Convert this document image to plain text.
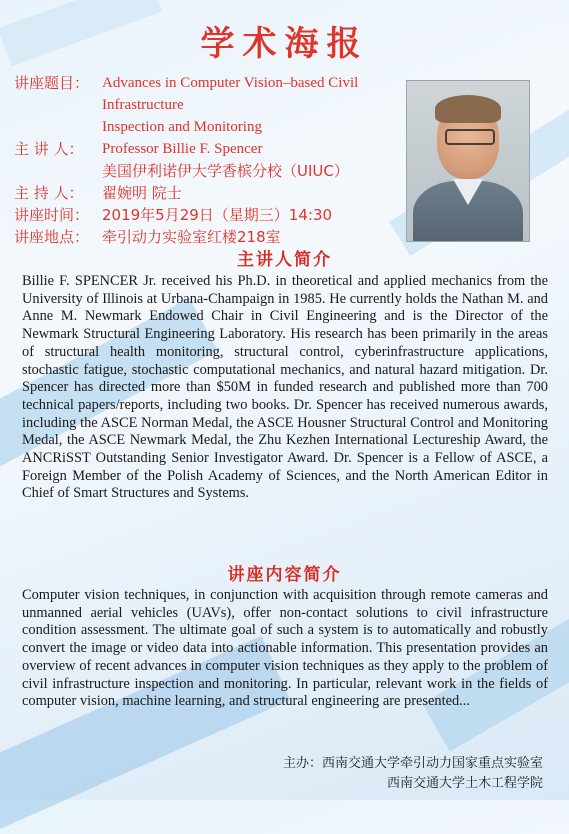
学术海报
讲座题目： Advances in Computer Vision–based Civil Infrastructure
Inspection and Monitoring
主 讲 人：	Professor Billie F. Spencer
美国伊利诺伊大学香槟分校（UIUC）
主 持 人：	翟婉明 院士
讲座时间： 2019年5月29日（星期三）14:30
讲座地点： 牵引动力实验室红楼218室
主讲人简介

Billie F. SPENCER Jr. received his Ph.D. in theoretical and applied mechanics from the University of Illinois at Urbana-Champaign in 1985. He currently holds the Nathan M. and Anne M. Newmark Endowed Chair in Civil Engineering and is the Director of the Newmark Structural Engineering Laboratory. His research has been primarily in the areas of structural health monitoring, structural control, cyberinfrastructure applications, stochastic fatigue, stochastic computational mechanics, and natural hazard mitigation. Dr. Spencer has directed more than $50M in funded research and published more than 700 technical papers/reports, including two books. Dr. Spencer has received numerous awards, including the ASCE Norman Medal, the ASCE Housner Structural Control and Monitoring Medal, the ASCE Newmark Medal, the Zhu Kezhen International Lectureship Award, the ANCRiSST Outstanding Senior Investigator Award. Dr. Spencer is a Fellow of ASCE, a Foreign Member of the Polish Academy of Sciences, and the North American Editor in Chief of Smart Structures and Systems.

讲座内容简介

Computer vision techniques, in conjunction with acquisition through remote cameras and unmanned aerial vehicles (UAVs), offer non-contact solutions to civil infrastructure condition assessment. The ultimate goal of such a system is to automatically and robustly convert the image or video data into actionable information. This presentation provides an overview of recent advances in computer vision techniques as they apply to the problem of civil infrastructure inspection and monitoring. In particular, relevant work in the fields of computer vision, machine learning, and structural engineering are presented...

主办：西南交通大学牵引动力国家重点实验室
西南交通大学土木工程学院
